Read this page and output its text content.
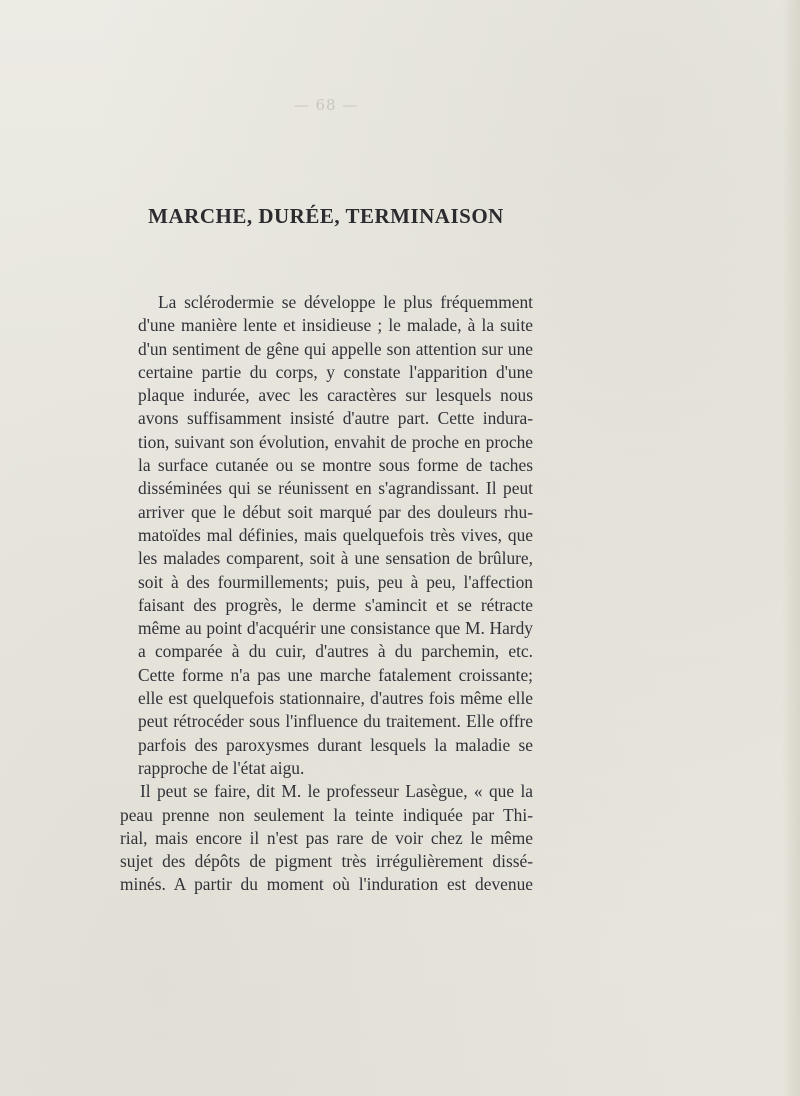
— 68 —
MARCHE, DURÉE, TERMINAISON
La sclérodermie se développe le plus fréquemment
d'une manière lente et insidieuse ; le malade, à la suite
d'un sentiment de gêne qui appelle son attention sur une
certaine partie du corps, y constate l'apparition d'une
plaque indurée, avec les caractères sur lesquels nous
avons suffisamment insisté d'autre part. Cette indura-
tion, suivant son évolution, envahit de proche en proche
la surface cutanée ou se montre sous forme de taches
disséminées qui se réunissent en s'agrandissant. Il peut
arriver que le début soit marqué par des douleurs rhu-
matoïdes mal définies, mais quelquefois très vives, que
les malades comparent, soit à une sensation de brûlure,
soit à des fourmillements; puis, peu à peu, l'affection
faisant des progrès, le derme s'amincit et se rétracte
même au point d'acquérir une consistance que M. Hardy
a comparée à du cuir, d'autres à du parchemin, etc.
Cette forme n'a pas une marche fatalement croissante;
elle est quelquefois stationnaire, d'autres fois même elle
peut rétrocéder sous l'influence du traitement. Elle offre
parfois des paroxysmes durant lesquels la maladie se
rapproche de l'état aigu.
Il peut se faire, dit M. le professeur Lasègue, « que la
peau prenne non seulement la teinte indiquée par Thi-
rial, mais encore il n'est pas rare de voir chez le même
sujet des dépôts de pigment très irrégulièrement dissé-
minés. A partir du moment où l'induration est devenue
